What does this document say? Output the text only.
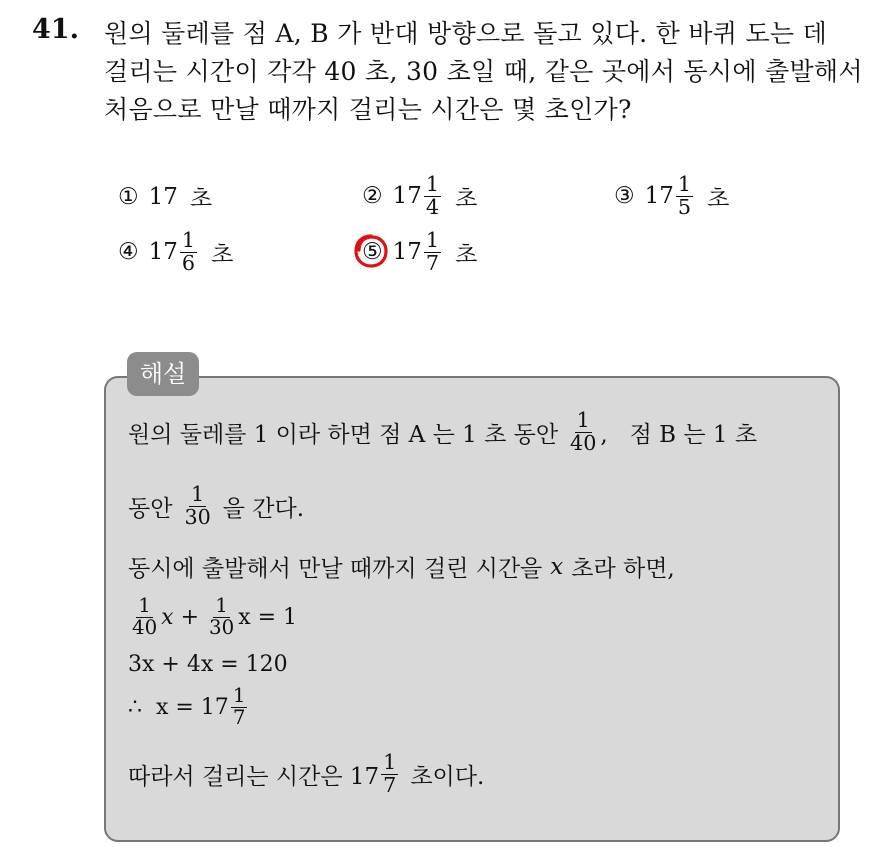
41. 원의 둘레를 점 A, B 가 반대 방향으로 돌고 있다. 한 바퀴 도는 데
걸리는 시간이 각각 40 초, 30 초일 때, 같은 곳에서 동시에 출발해서
처음으로 만날 때까지 걸리는 시간은 몇 초인가?
① 17 초	② $17 \frac{1}{4}$ 초	③ $17 \frac{1}{5}$ 초
④ $17 \frac{1}{6}$ 초	⑤ $17 \frac{1}{7}$ 초
해설
원의 둘레를 1 이라 하면 점 A 는 1 초 동안 $\frac{1}{40}$ ,   점 B 는 1 초
동안 $\frac{1}{30}$ 을 간다.
동시에 출발해서 만날 때까지 걸린 시간을 x 초라 하면,
$\frac{1}{40}$ $x + \frac{1}{30}$ x = 1
3x + 4x = 120
∴  $x = 17 \frac{1}{7}$
따라서 걸리는 시간은 $17 \frac{1}{7}$ 초이다.
